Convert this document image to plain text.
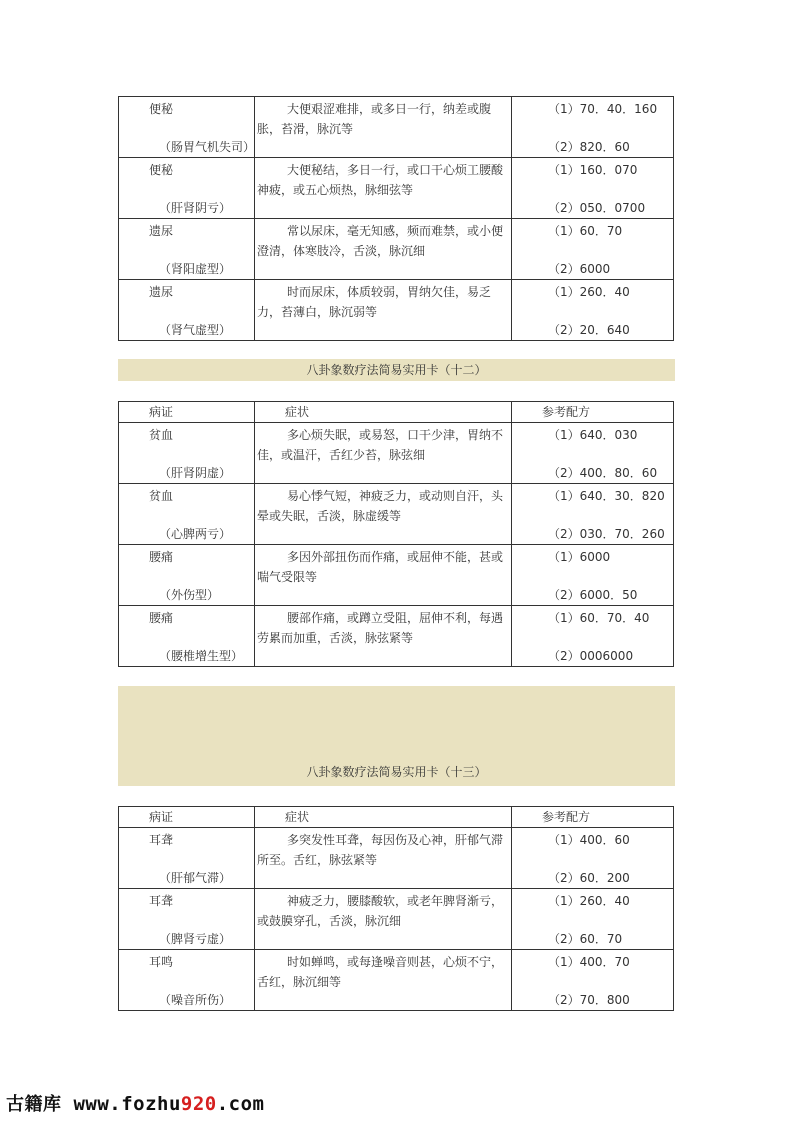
便秘
（肠胃气机失司）	大便艰涩难排，或多日一行，纳差或腹胀，苔滑，脉沉等	（1）70．40．160
（2）820．60

便秘
（肝肾阴亏）	大便秘结，多日一行，或口干心烦工腰酸神疲，或五心烦热，脉细弦等	（1）160．070
（2）050．0700

遗尿
（肾阳虚型）	常以尿床，毫无知感，频而难禁，或小便澄清，体寒肢冷，舌淡，脉沉细	（1）60．70
（2）6000

遗尿
（肾气虚型）	时而尿床，体质较弱，胃纳欠佳，易乏力，苔薄白，脉沉弱等	（1）260．40
（2）20．640
八卦象数疗法简易实用卡（十二）
病证	症状	参考配方

贫血
（肝肾阴虚）	多心烦失眠，或易怒，口干少津，胃纳不佳，或温汗，舌红少苔，脉弦细	（1）640．030
（2）400．80．60

贫血
（心脾两亏）	易心悸气短，神疲乏力，或动则自汗，头晕或失眠，舌淡，脉虚缓等	（1）640．30．820
（2）030．70．260

腰痛
（外伤型）	多因外部扭伤而作痛，或屈伸不能，甚或喘气受限等	（1）6000
（2）6000．50

腰痛
（腰椎增生型）	腰部作痛，或蹲立受阻，屈伸不利，每遇劳累而加重，舌淡，脉弦紧等	（1）60．70．40
（2）0006000
八卦象数疗法简易实用卡（十三）
病证	症状	参考配方

耳聋
（肝郁气滞）	多突发性耳聋，每因伤及心神，肝郁气滞所至。舌红，脉弦紧等	（1）400．60
（2）60．200

耳聋
（脾肾亏虚）	神疲乏力，腰膝酸软，或老年脾肾渐亏，或鼓膜穿孔，舌淡，脉沉细	（1）260．40
（2）60．70

耳鸣
（噪音所伤）	时如蝉鸣，或每逢噪音则甚，心烦不宁，舌红，脉沉细等	（1）400．70
（2）70．800
古籍库 www.fozhu920.com
